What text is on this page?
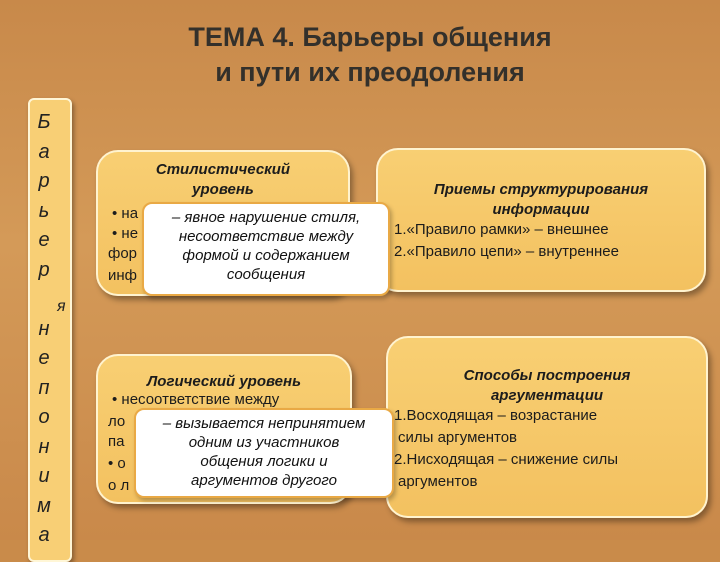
ТЕМА 4. Барьеры общения
и пути их преодоления
Б
а
р
ь
е
р
н
е
п
о
н
и
м
а
я
Стилистический
уровень
• на
• не
фор
инф
Приемы структурирования
информации
1.«Правило рамки» – внешнее
2.«Правило цепи» – внутреннее
Логический уровень
• несоответствие между
ло
па
• о
о л
Способы построения
аргументации
1.Восходящая – возрастание
силы аргументов
2.Нисходящая – снижение силы
аргументов
– явное нарушение стиля,
несоответствие между
формой и содержанием
сообщения
– вызывается непринятием
одним из участников
общения логики и
аргументов другого
